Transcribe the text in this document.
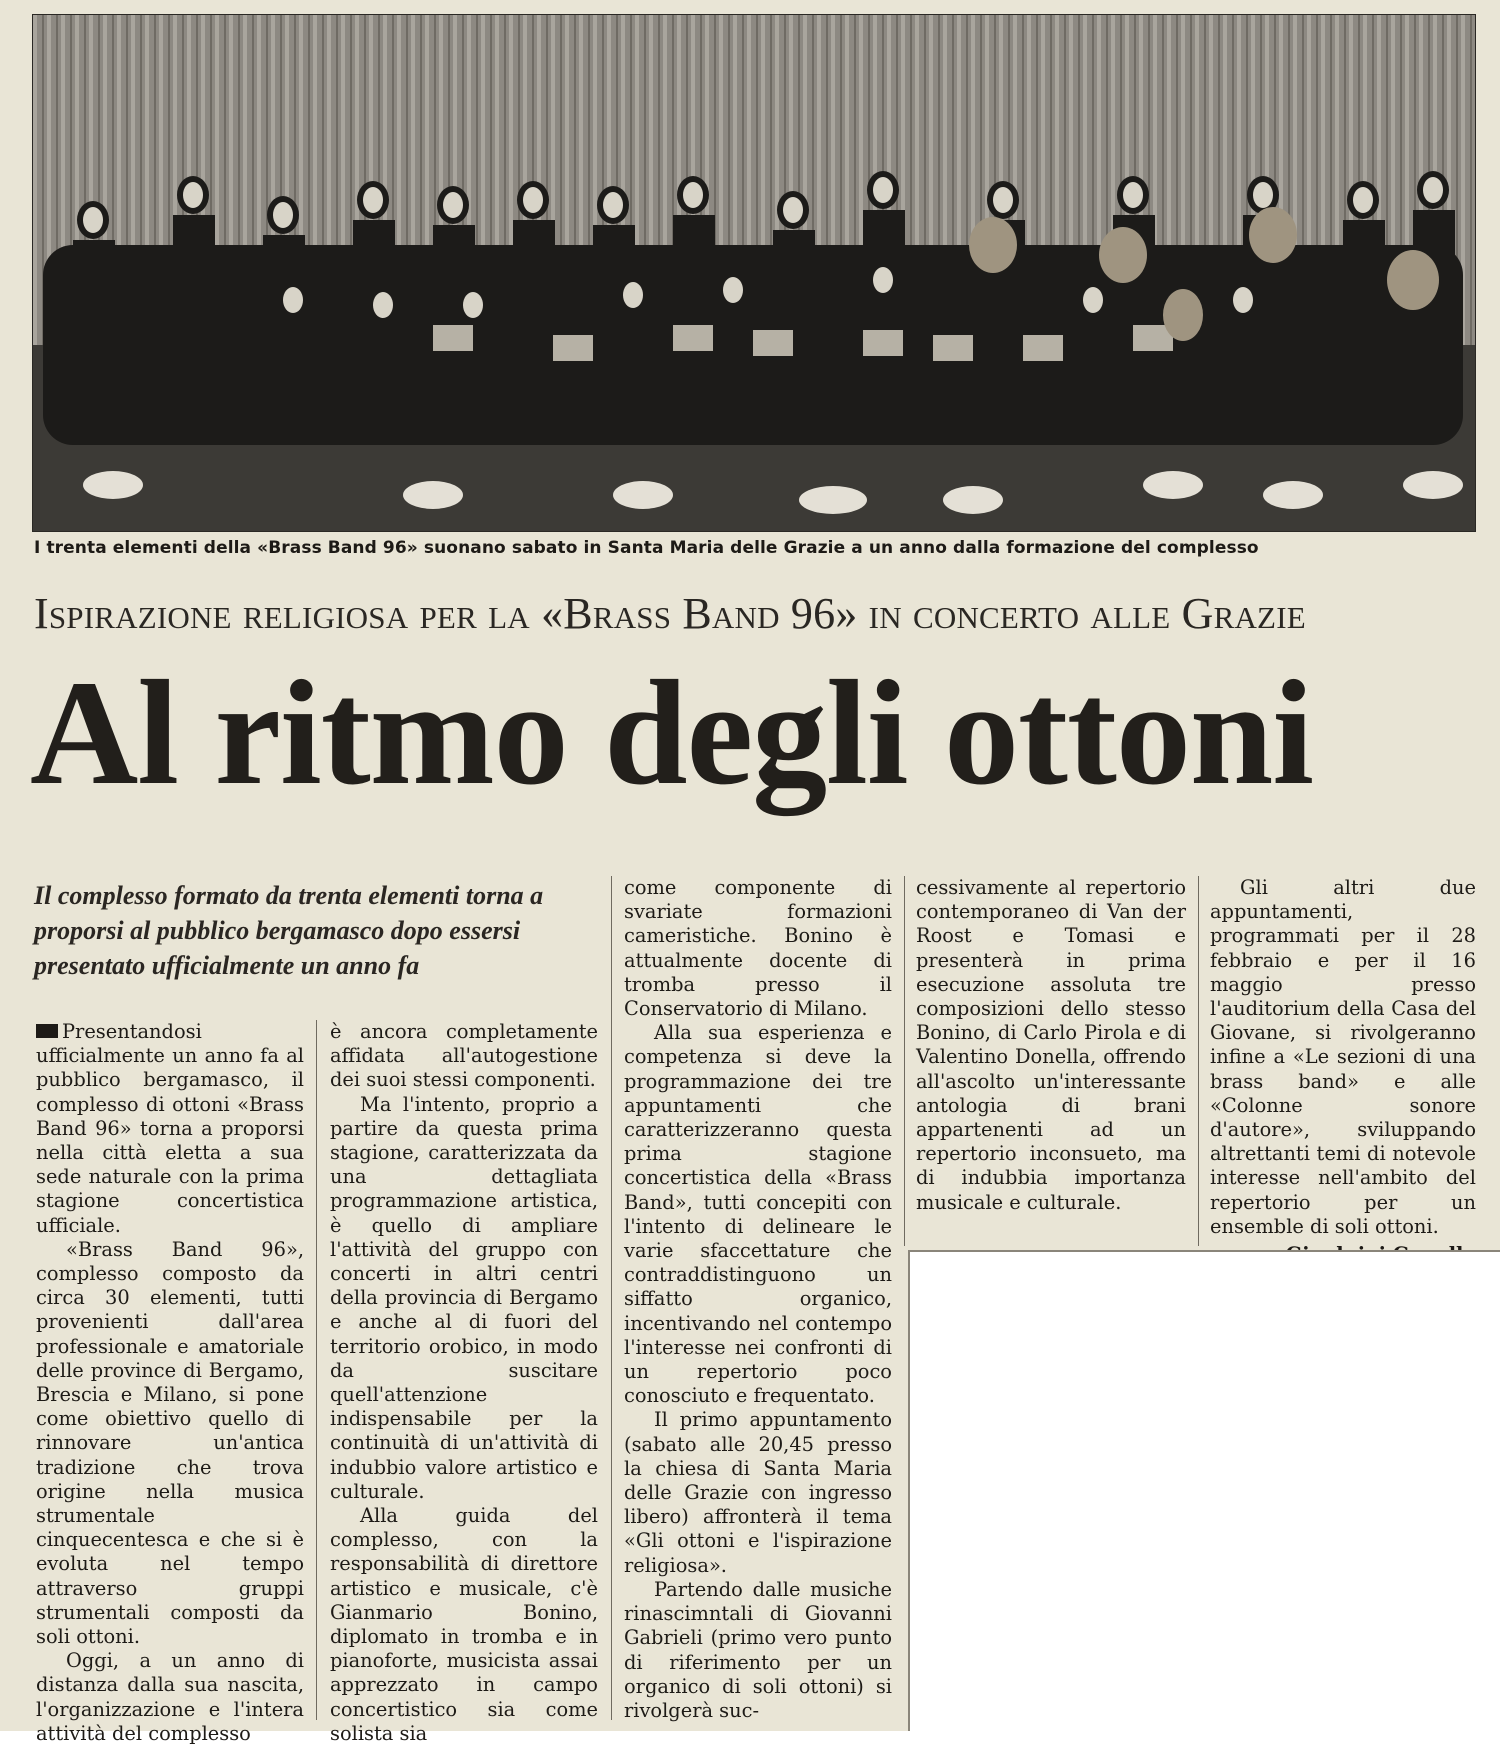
I trenta elementi della «Brass Band 96» suonano sabato in Santa Maria delle Grazie a un anno dalla formazione del complesso
Ispirazione religiosa per la «Brass Band 96» in concerto alle Grazie
Al ritmo degli ottoni
Il complesso formato da trenta elementi torna a proporsi al pubblico bergamasco dopo essersi presentato ufficialmente un anno fa

Presentandosi ufficialmente un anno fa al pubblico bergamasco, il complesso di ottoni «Brass Band 96» torna a proporsi nella città eletta a sua sede naturale con la prima stagione concertistica ufficiale.

«Brass Band 96», complesso composto da circa 30 elementi, tutti provenienti dall'area professionale e amatoriale delle province di Bergamo, Brescia e Milano, si pone come obiettivo quello di rinnovare un'antica tradizione che trova origine nella musica strumentale cinquecentesca e che si è evoluta nel tempo attraverso gruppi strumentali composti da soli ottoni.

Oggi, a un anno di distanza dalla sua nascita, l'organizzazione e l'intera attività del complesso

è ancora completamente affidata all'autogestione dei suoi stessi componenti.

Ma l'intento, proprio a partire da questa prima stagione, caratterizzata da una dettagliata programmazione artistica, è quello di ampliare l'attività del gruppo con concerti in altri centri della provincia di Bergamo e anche al di fuori del territorio orobico, in modo da suscitare quell'attenzione indispensabile per la continuità di un'attività di indubbio valore artistico e culturale.

Alla guida del complesso, con la responsabilità di direttore artistico e musicale, c'è Gianmario Bonino, diplomato in tromba e in pianoforte, musicista assai apprezzato in campo concertistico sia come solista sia

come componente di svariate formazioni cameristiche. Bonino è attualmente docente di tromba presso il Conservatorio di Milano.

Alla sua esperienza e competenza si deve la programmazione dei tre appuntamenti che caratterizzeranno questa prima stagione concertistica della «Brass Band», tutti concepiti con l'intento di delineare le varie sfaccettature che contraddistinguono un siffatto organico, incentivando nel contempo l'interesse nei confronti di un repertorio poco conosciuto e frequentato.

Il primo appuntamento (sabato alle 20,45 presso la chiesa di Santa Maria delle Grazie con ingresso libero) affronterà il tema «Gli ottoni e l'ispirazione religiosa».

Partendo dalle musiche rinascimntali di Giovanni Gabrieli (primo vero punto di riferimento per un organico di soli ottoni) si rivolgerà suc-

cessivamente al repertorio contemporaneo di Van der Roost e Tomasi e presenterà in prima esecuzione assoluta tre composizioni dello stesso Bonino, di Carlo Pirola e di Valentino Donella, offrendo all'ascolto un'interessante antologia di brani appartenenti ad un repertorio inconsueto, ma di indubbia importanza musicale e culturale.

Gli altri due appuntamenti, programmati per il 28 febbraio e per il 16 maggio presso l'auditorium della Casa del Giovane, si rivolgeranno infine a «Le sezioni di una brass band» e alle «Colonne sonore d'autore», sviluppando altrettanti temi di notevole interesse nell'ambito del repertorio per un ensemble di soli ottoni.
